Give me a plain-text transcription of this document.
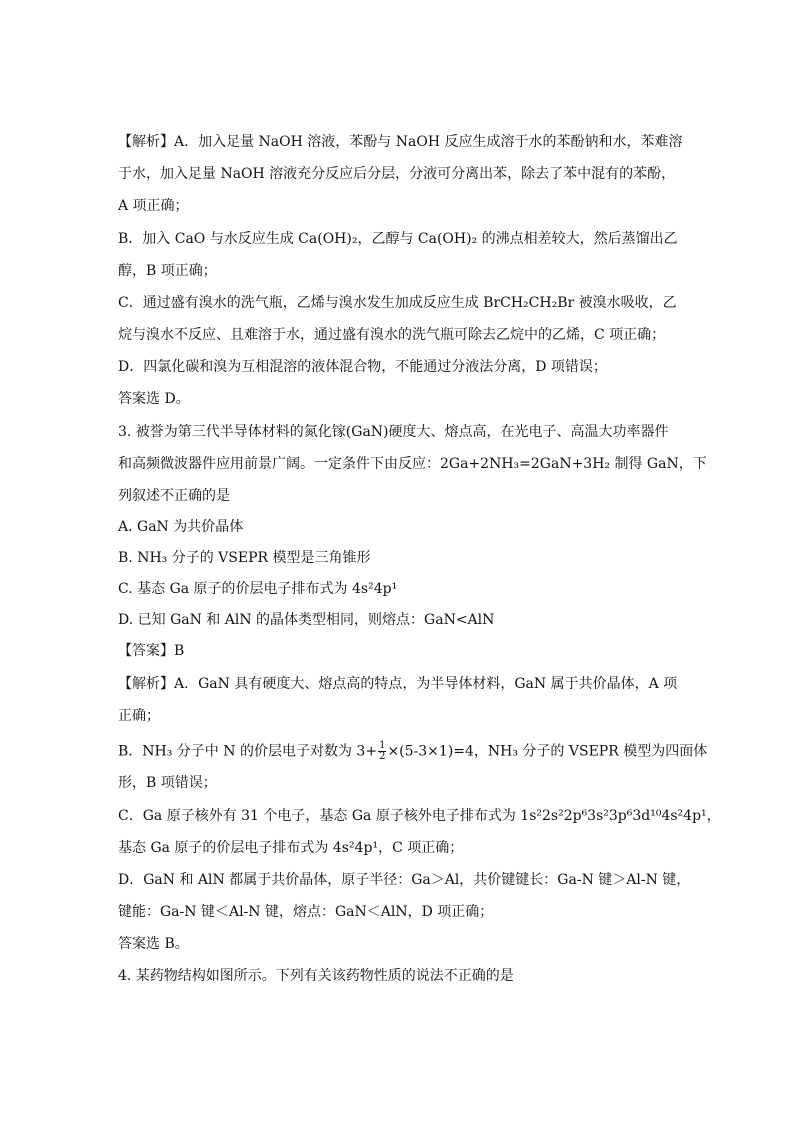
【解析】A．加入足量 NaOH 溶液，苯酚与 NaOH 反应生成溶于水的苯酚钠和水，苯难溶
于水，加入足量 NaOH 溶液充分反应后分层，分液可分离出苯，除去了苯中混有的苯酚，
A 项正确；
B．加入 CaO 与水反应生成 Ca(OH)₂，乙醇与 Ca(OH)₂ 的沸点相差较大，然后蒸馏出乙
醇，B 项正确；
C．通过盛有溴水的洗气瓶，乙烯与溴水发生加成反应生成 BrCH₂CH₂Br 被溴水吸收，乙
烷与溴水不反应、且难溶于水，通过盛有溴水的洗气瓶可除去乙烷中的乙烯，C 项正确；
D．四氯化碳和溴为互相混溶的液体混合物，不能通过分液法分离，D 项错误；
答案选 D。
3. 被誉为第三代半导体材料的氮化镓(GaN)硬度大、熔点高，在光电子、高温大功率器件
和高频微波器件应用前景广阔。一定条件下由反应：2Ga+2NH₃=2GaN+3H₂ 制得 GaN，下
列叙述不正确的是
A. GaN 为共价晶体
B. NH₃ 分子的 VSEPR 模型是三角锥形
C. 基态 Ga 原子的价层电子排布式为 4s²4p¹
D. 已知 GaN 和 AlN 的晶体类型相同，则熔点：GaN<AlN
【答案】B
【解析】A．GaN 具有硬度大、熔点高的特点，为半导体材料，GaN 属于共价晶体，A 项
正确；
B．NH₃ 分子中 N 的价层电子对数为 $3+ \frac{1}{2} \times(5-3\times 1)=4$，NH₃ 分子的 VSEPR 模型为四面体
形，B 项错误；
C．Ga 原子核外有 31 个电子，基态 Ga 原子核外电子排布式为 1s²2s²2p⁶3s²3p⁶3d¹⁰4s²4p¹，
基态 Ga 原子的价层电子排布式为 4s²4p¹，C 项正确；
D．GaN 和 AlN 都属于共价晶体，原子半径：Ga＞Al，共价键键长：Ga-N 键＞Al-N 键，
键能：Ga-N 键＜Al-N 键，熔点：GaN＜AlN，D 项正确；
答案选 B。
4. 某药物结构如图所示。下列有关该药物性质的说法不正确的是
